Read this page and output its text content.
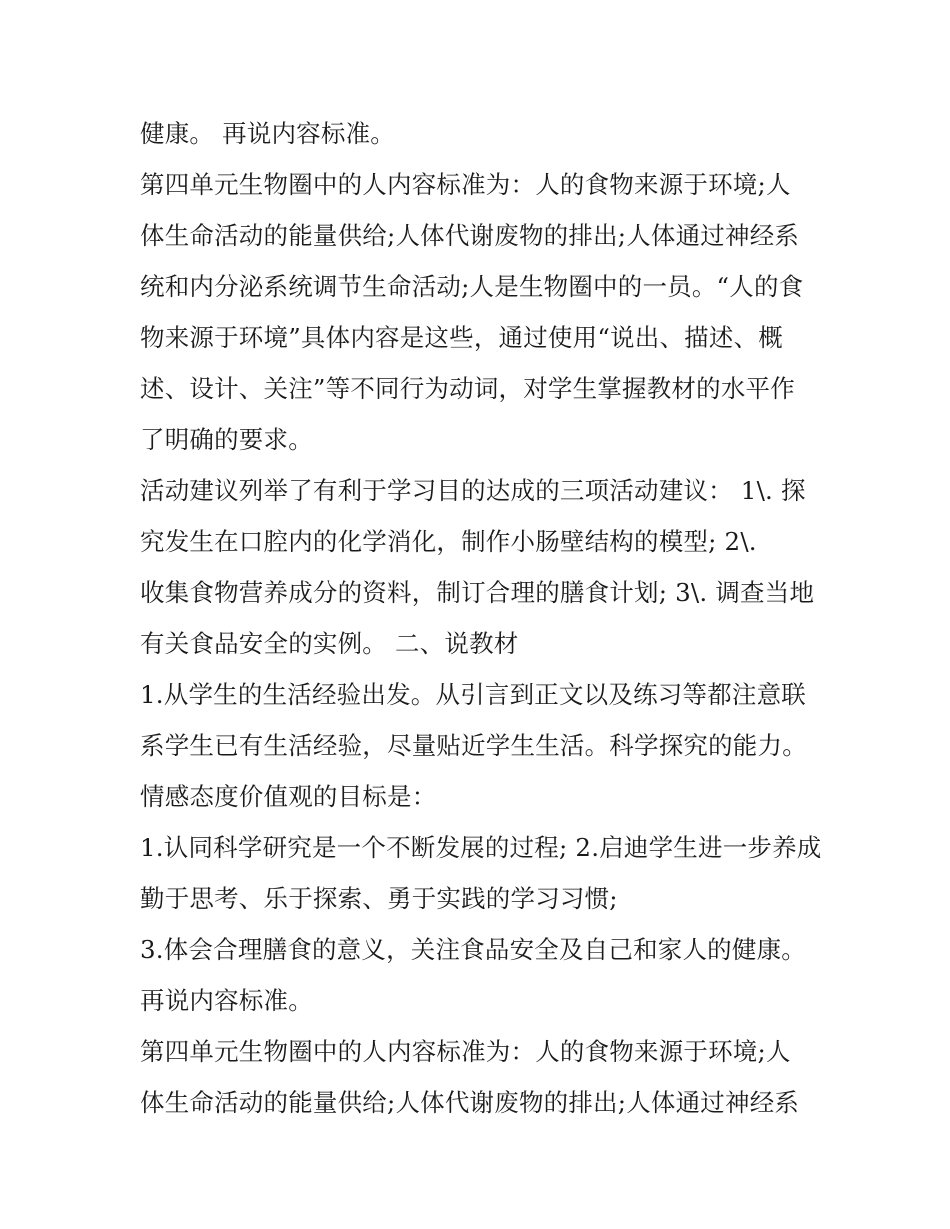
健康。 再说内容标准。
第四单元生物圈中的人内容标准为：人的食物来源于环境;人
体生命活动的能量供给;人体代谢废物的排出;人体通过神经系
统和内分泌系统调节生命活动;人是生物圈中的一员。“人的食
物来源于环境”具体内容是这些，通过使用“说出、描述、概
述、设计、关注”等不同行为动词，对学生掌握教材的水平作
了明确的要求。
活动建议列举了有利于学习目的达成的三项活动建议： 1\. 探
究发生在口腔内的化学消化，制作小肠壁结构的模型; 2\.
收集食物营养成分的资料，制订合理的膳食计划; 3\. 调查当地
有关食品安全的实例。 二、说教材
1.从学生的生活经验出发。从引言到正文以及练习等都注意联
系学生已有生活经验，尽量贴近学生生活。科学探究的能力。
情感态度价值观的目标是：
1.认同科学研究是一个不断发展的过程; 2.启迪学生进一步养成
勤于思考、乐于探索、勇于实践的学习习惯;
3.体会合理膳食的意义，关注食品安全及自己和家人的健康。
再说内容标准。
第四单元生物圈中的人内容标准为：人的食物来源于环境;人
体生命活动的能量供给;人体代谢废物的排出;人体通过神经系
